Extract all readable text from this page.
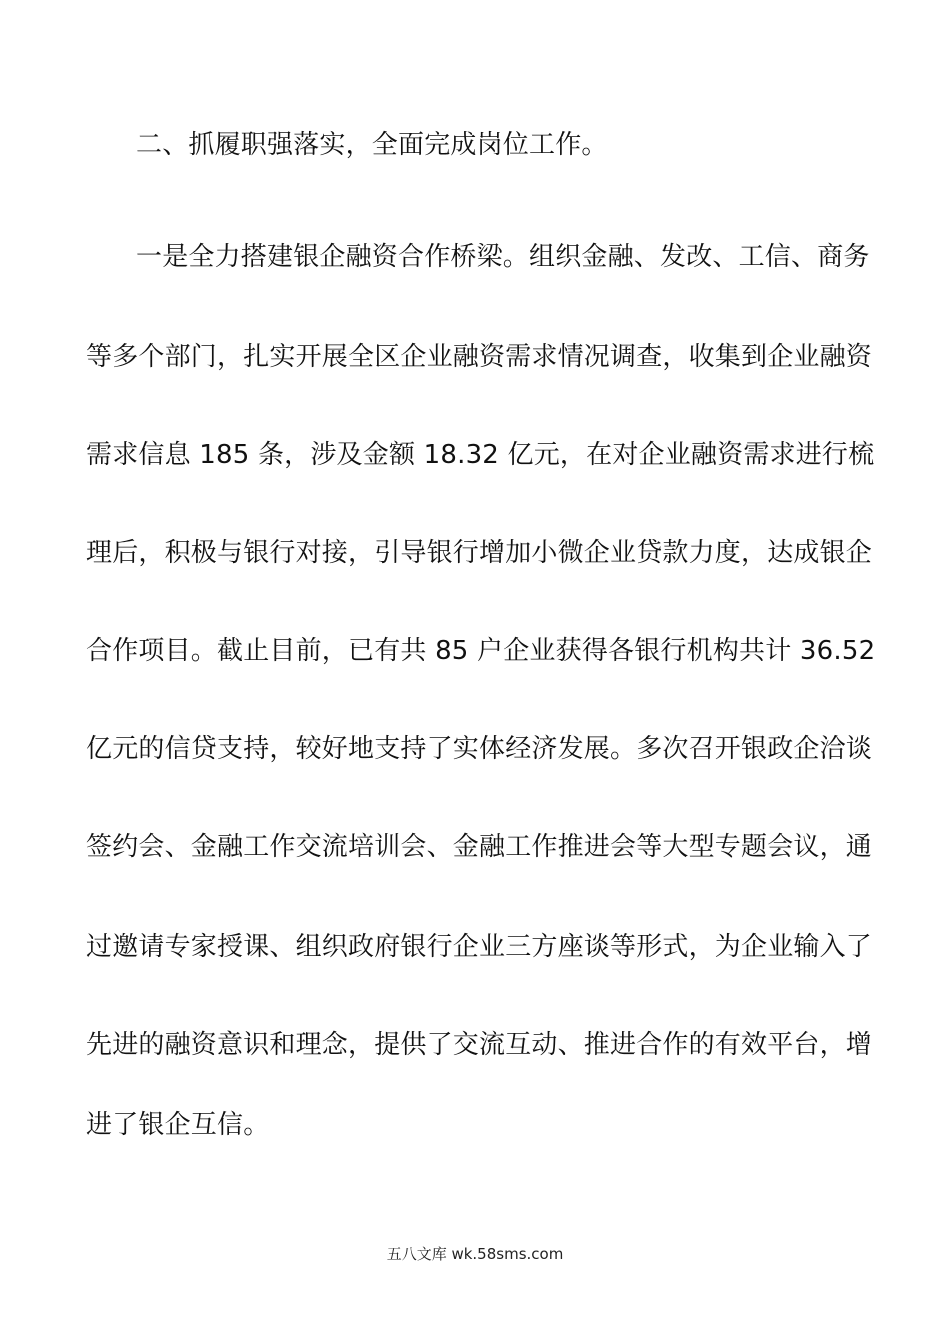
二、抓履职强落实，全面完成岗位工作。
一是全力搭建银企融资合作桥梁。组织金融、发改、工信、商务
等多个部门，扎实开展全区企业融资需求情况调查，收集到企业融资
需求信息 185 条，涉及金额 18.32 亿元，在对企业融资需求进行梳
理后，积极与银行对接，引导银行增加小微企业贷款力度，达成银企
合作项目。截止目前，已有共 85 户企业获得各银行机构共计 36.52
亿元的信贷支持，较好地支持了实体经济发展。多次召开银政企洽谈
签约会、金融工作交流培训会、金融工作推进会等大型专题会议，通
过邀请专家授课、组织政府银行企业三方座谈等形式，为企业输入了
先进的融资意识和理念，提供了交流互动、推进合作的有效平台，增
进了银企互信。
五八文库 wk.58sms.com
